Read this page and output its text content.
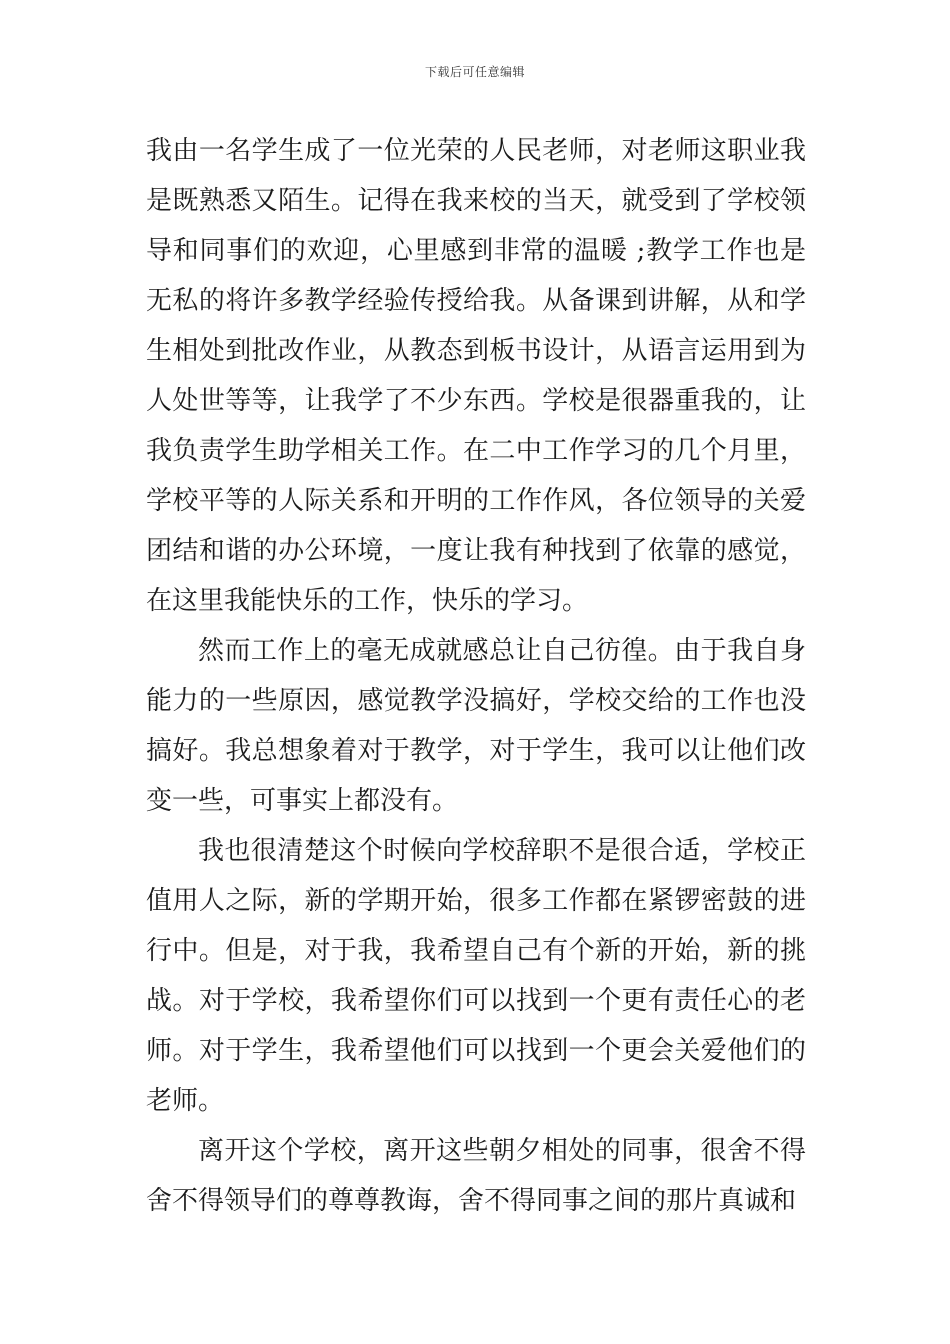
下载后可任意编辑

我由一名学生成了一位光荣的人民老师，对老师这职业我是既熟悉又陌生。记得在我来校的当天，就受到了学校领导和同事们的欢迎，心里感到非常的温暖 ;教学工作也是无私的将许多教学经验传授给我。从备课到讲解，从和学生相处到批改作业，从教态到板书设计，从语言运用到为人处世等等，让我学了不少东西。学校是很器重我的，让我负责学生助学相关工作。在二中工作学习的几个月里，学校平等的人际关系和开明的工作作风，各位领导的关爱团结和谐的办公环境，一度让我有种找到了依靠的感觉，在这里我能快乐的工作，快乐的学习。

然而工作上的毫无成就感总让自己彷徨。由于我自身能力的一些原因，感觉教学没搞好，学校交给的工作也没搞好。我总想象着对于教学，对于学生，我可以让他们改变一些，可事实上都没有。

我也很清楚这个时候向学校辞职不是很合适，学校正值用人之际，新的学期开始，很多工作都在紧锣密鼓的进行中。但是，对于我，我希望自己有个新的开始，新的挑战。对于学校，我希望你们可以找到一个更有责任心的老师。对于学生，我希望他们可以找到一个更会关爱他们的老师。

离开这个学校，离开这些朝夕相处的同事，很舍不得舍不得领导们的尊尊教诲，舍不得同事之间的那片真诚和
